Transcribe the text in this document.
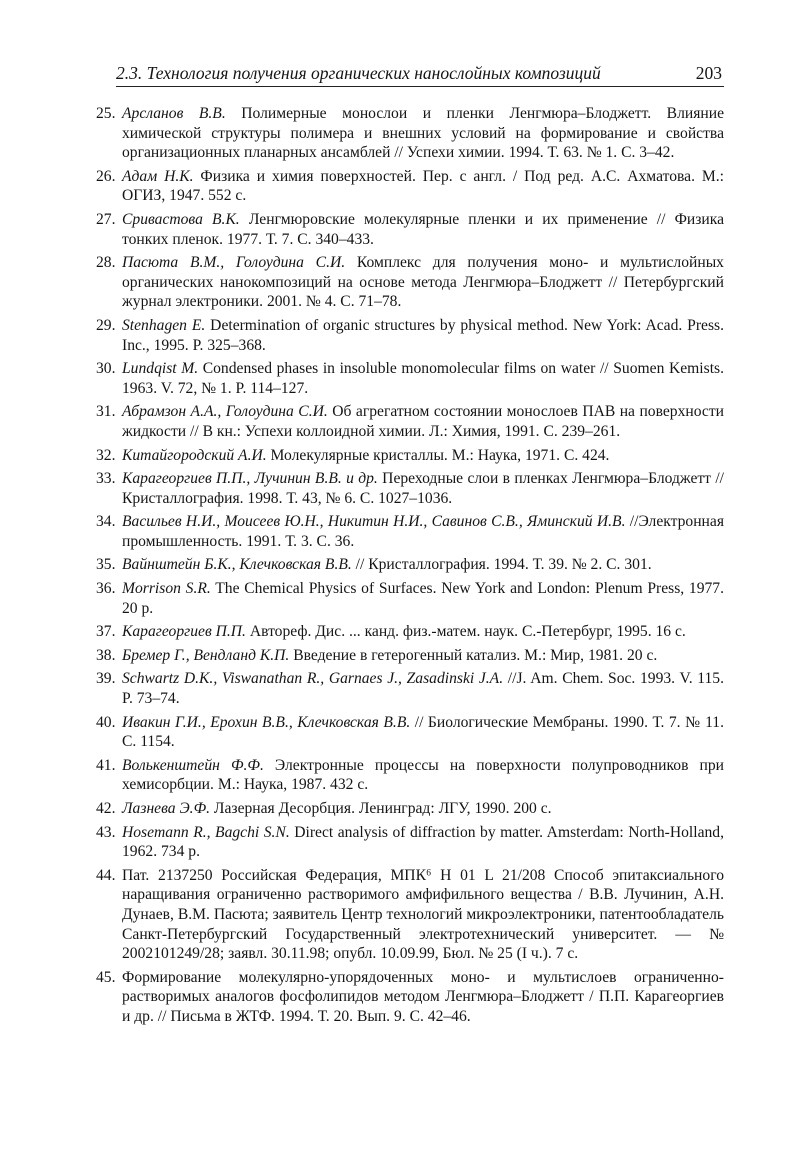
2.3. Технология получения органических нанослойных композиций	203
25. Арсланов В.В. Полимерные монослои и пленки Ленгмюра–Блоджетт. Влияние химической структуры полимера и внешних условий на формирование и свойства организационных планарных ансамблей // Успехи химии. 1994. Т. 63. № 1. С. 3–42.
26. Адам Н.К. Физика и химия поверхностей. Пер. с англ. / Под ред. А.С. Ахматова. М.: ОГИЗ, 1947. 552 с.
27. Сривастова В.К. Ленгмюровские молекулярные пленки и их применение // Физика тонких пленок. 1977. Т. 7. С. 340–433.
28. Пасюта В.М., Голоудина С.И. Комплекс для получения моно- и мультислойных органических нанокомпозиций на основе метода Ленгмюра–Блоджетт // Петербургский журнал электроники. 2001. № 4. С. 71–78.
29. Stenhagen E. Determination of organic structures by physical method. New York: Acad. Press. Inc., 1995. P. 325–368.
30. Lundqist M. Condensed phases in insoluble monomolecular films on water // Suomen Kemists. 1963. V. 72, № 1. P. 114–127.
31. Абрамзон А.А., Голоудина С.И. Об агрегатном состоянии монослоев ПАВ на поверхности жидкости // В кн.: Успехи коллоидной химии. Л.: Химия, 1991. С. 239–261.
32. Китайгородский А.И. Молекулярные кристаллы. М.: Наука, 1971. С. 424.
33. Карагеоргиев П.П., Лучинин В.В. и др. Переходные слои в пленках Ленгмюра–Блоджетт // Кристаллография. 1998. Т. 43, № 6. С. 1027–1036.
34. Васильев Н.И., Моисеев Ю.Н., Никитин Н.И., Савинов С.В., Яминский И.В. //Электронная промышленность. 1991. Т. 3. С. 36.
35. Вайнштейн Б.К., Клечковская В.В. // Кристаллография. 1994. Т. 39. № 2. С. 301.
36. Morrison S.R. The Chemical Physics of Surfaces. New York and London: Plenum Press, 1977. 20 p.
37. Карагеоргиев П.П. Автореф. Дис. ... канд. физ.-матем. наук. С.-Петербург, 1995. 16 с.
38. Бремер Г., Вендланд К.П. Введение в гетерогенный катализ. М.: Мир, 1981. 20 с.
39. Schwartz D.K., Viswanathan R., Garnaes J., Zasadinski J.A. //J. Am. Chem. Soc. 1993. V. 115. P. 73–74.
40. Ивакин Г.И., Ерохин В.В., Клечковская В.В. // Биологические Мембраны. 1990. Т. 7. № 11. С. 1154.
41. Волькенштейн Ф.Ф. Электронные процессы на поверхности полупроводников при хемисорбции. М.: Наука, 1987. 432 с.
42. Лазнева Э.Ф. Лазерная Десорбция. Ленинград: ЛГУ, 1990. 200 с.
43. Hosemann R., Bagchi S.N. Direct analysis of diffraction by matter. Amsterdam: North-Holland, 1962. 734 p.
44. Пат. 2137250 Российская Федерация, МПК⁶ Н 01 L 21/208 Способ эпитаксиального наращивания ограниченно растворимого амфифильного вещества / В.В. Лучинин, А.Н. Дунаев, В.М. Пасюта; заявитель Центр технологий микроэлектроники, патентообладатель Санкт-Петербургский Государственный электротехнический университет. — № 2002101249/28; заявл. 30.11.98; опубл. 10.09.99, Бюл. № 25 (I ч.). 7 с.
45. Формирование молекулярно-упорядоченных моно- и мультислоев ограниченно-растворимых аналогов фосфолипидов методом Ленгмюра–Блоджетт / П.П. Карагеоргиев и др. // Письма в ЖТФ. 1994. Т. 20. Вып. 9. С. 42–46.
